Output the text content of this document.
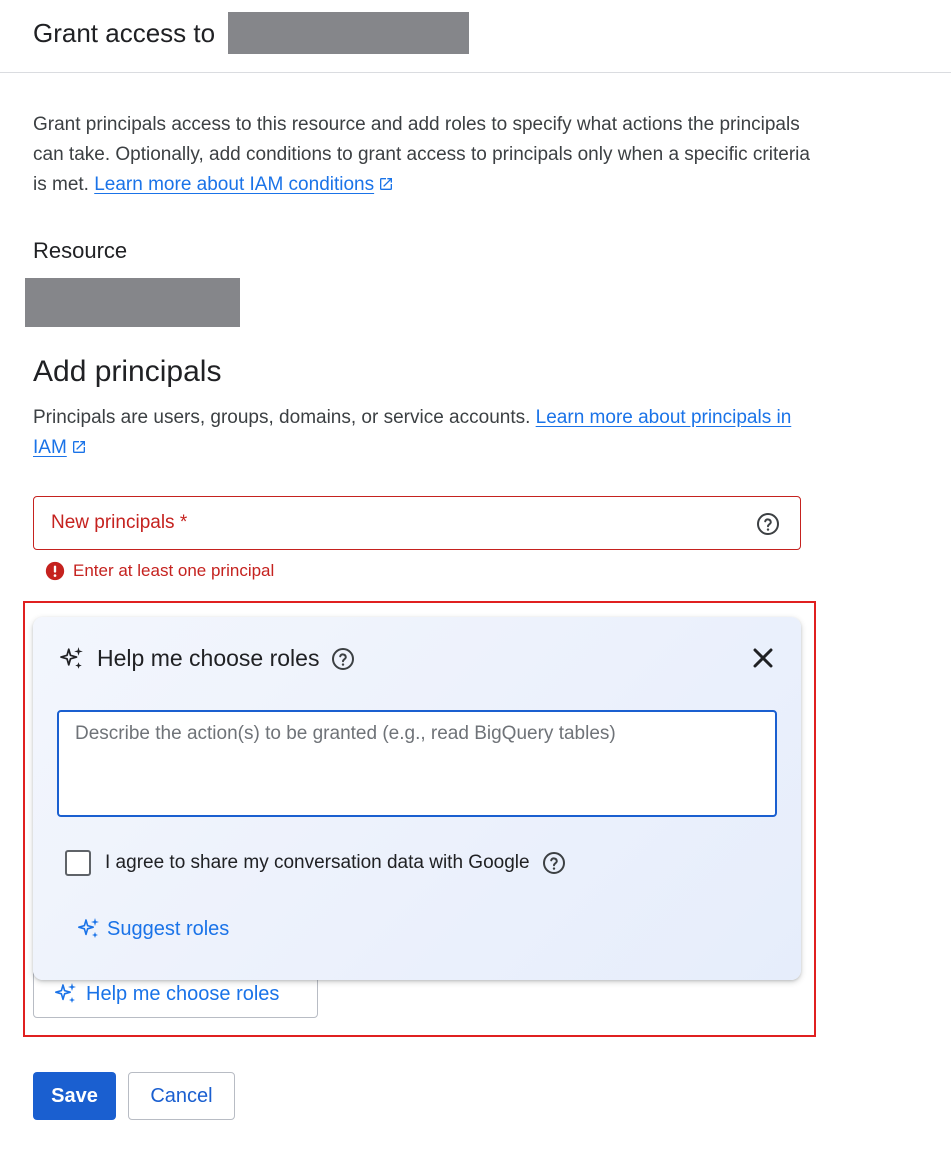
Grant access to

Grant principals access to this resource and add roles to specify what actions the principals can take. Optionally, add conditions to grant access to principals only when a specific criteria is met. Learn more about IAM conditions

Resource
Add principals

Principals are users, groups, domains, or service accounts. Learn more about principals in IAM

New principals *
Enter at least one principal
Help me choose roles
Help me choose roles
Describe the action(s) to be granted (e.g., read BigQuery tables)
I agree to share my conversation data with Google
Suggest roles
Save	Cancel
